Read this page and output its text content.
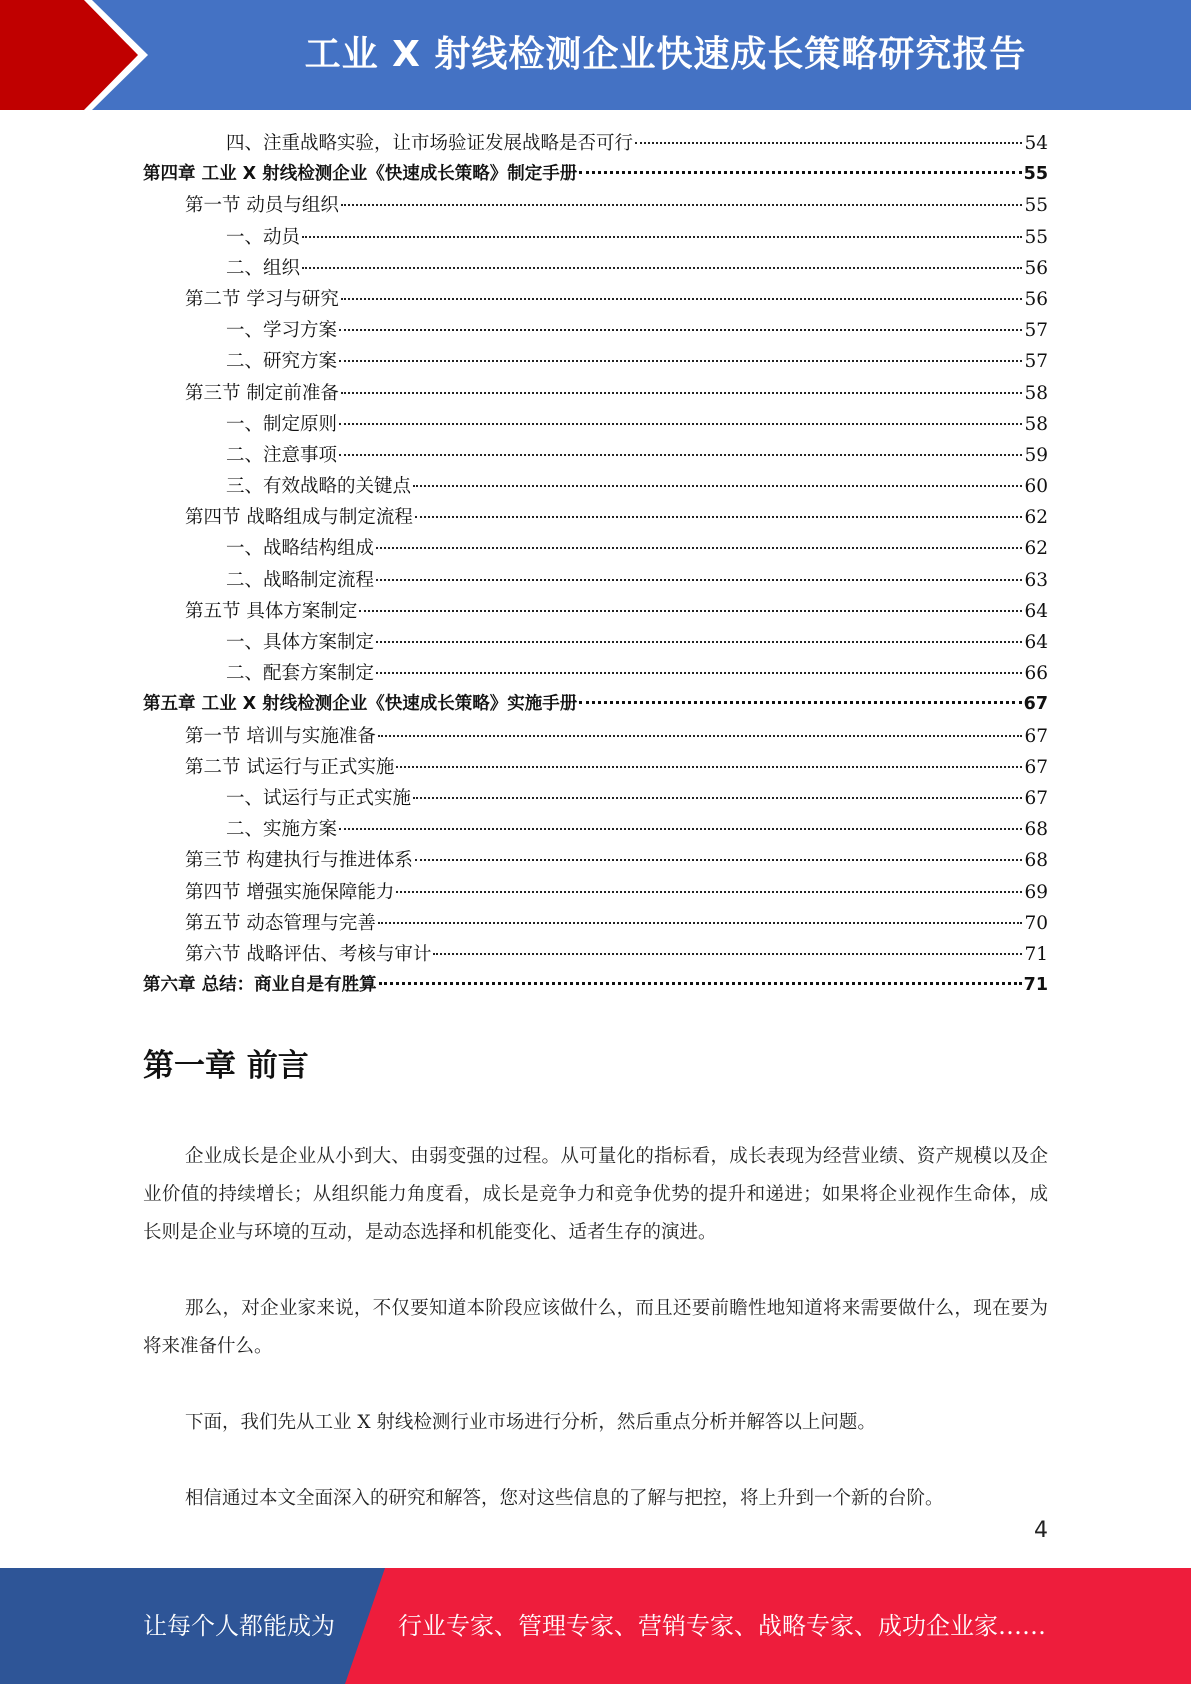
工业 X 射线检测企业快速成长策略研究报告
四、注重战略实验，让市场验证发展战略是否可行	54
第四章 工业 X 射线检测企业《快速成长策略》制定手册	55
第一节 动员与组织	55
一、动员	55
二、组织	56
第二节 学习与研究	56
一、学习方案	57
二、研究方案	57
第三节 制定前准备	58
一、制定原则	58
二、注意事项	59
三、有效战略的关键点	60
第四节 战略组成与制定流程	62
一、战略结构组成	62
二、战略制定流程	63
第五节 具体方案制定	64
一、具体方案制定	64
二、配套方案制定	66
第五章 工业 X 射线检测企业《快速成长策略》实施手册	67
第一节 培训与实施准备	67
第二节 试运行与正式实施	67
一、试运行与正式实施	67
二、实施方案	68
第三节 构建执行与推进体系	68
第四节 增强实施保障能力	69
第五节 动态管理与完善	70
第六节 战略评估、考核与审计	71
第六章 总结：商业自是有胜算	71
第一章 前言

企业成长是企业从小到大、由弱变强的过程。从可量化的指标看，成长表现为经营业绩、资产规模以及企业价值的持续增长；从组织能力角度看，成长是竞争力和竞争优势的提升和递进；如果将企业视作生命体，成长则是企业与环境的互动，是动态选择和机能变化、适者生存的演进。

那么，对企业家来说，不仅要知道本阶段应该做什么，而且还要前瞻性地知道将来需要做什么，现在要为将来准备什么。

下面，我们先从工业 X 射线检测行业市场进行分析，然后重点分析并解答以上问题。

相信通过本文全面深入的研究和解答，您对这些信息的了解与把控，将上升到一个新的台阶。

4
让每个人都能成为	行业专家、管理专家、营销专家、战略专家、成功企业家……
